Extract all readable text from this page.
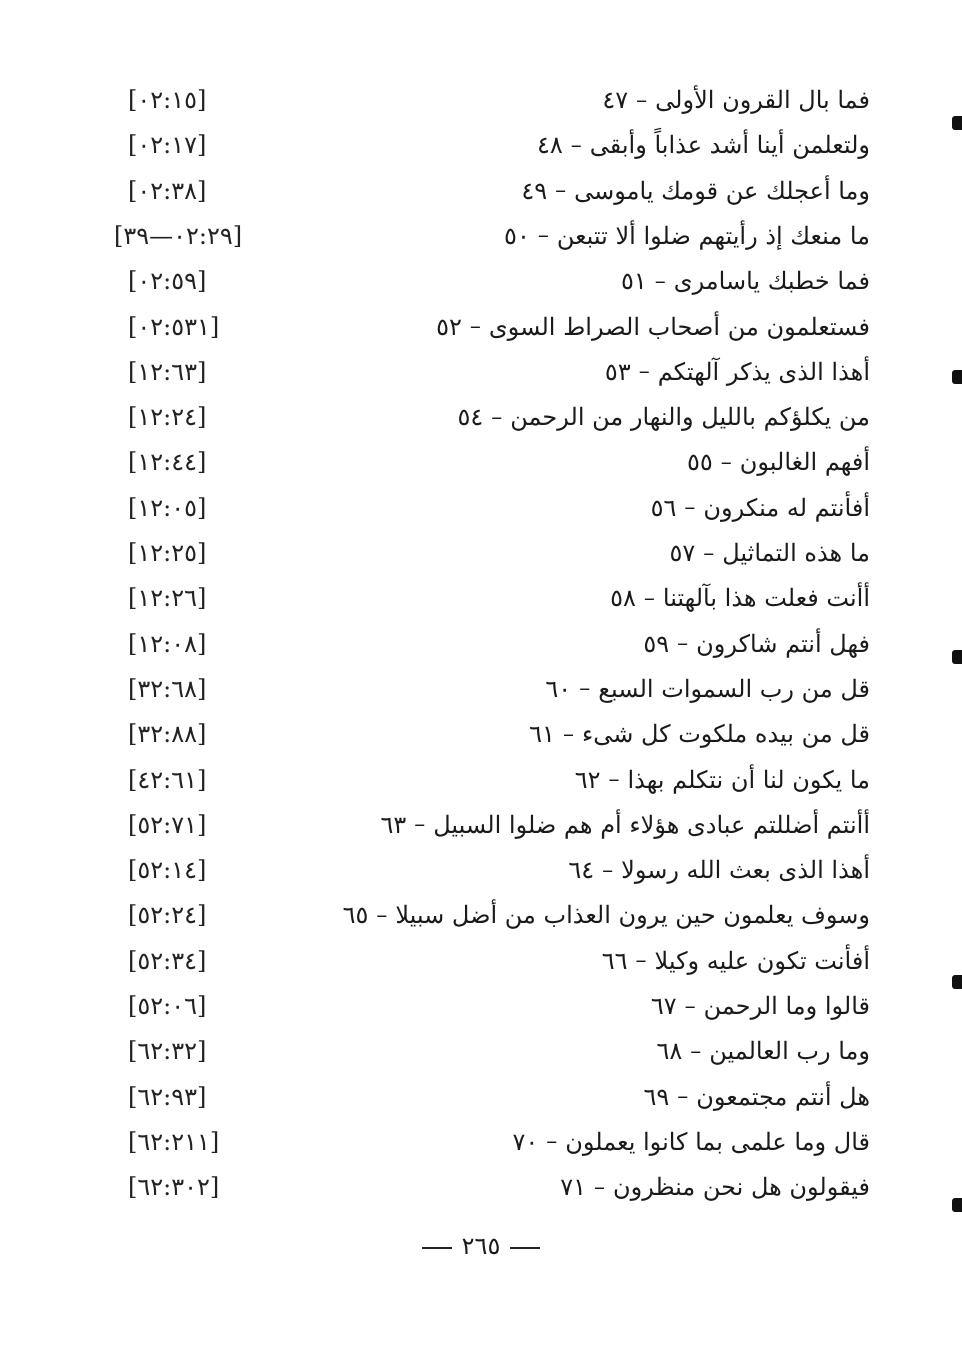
[٥١:٢٠]	٤٧ – فما بال القرون الأولى
[٧١:٢٠]	٤٨ – ولتعلمن أينا أشد عذاباً وأبقى
[٨٣:٢٠]	٤٩ – وما أعجلك عن قومك ياموسى
[٩٢:٢٠—٩٣]	٥٠ – ما منعك إذ رأيتهم ضلوا ألا تتبعن
[٩٥:٢٠]	٥١ – فما خطبك ياسامرى
[١٣٥:٢٠]	٥٢ – فستعلمون من أصحاب الصراط السوى
[٣٦:٢١]	٥٣ – أهذا الذى يذكر آلهتكم
[٤٢:٢١]	٥٤ – من يكلؤكم بالليل والنهار من الرحمن
[٤٤:٢١]	٥٥ – أفهم الغالبون
[٥٠:٢١]	٥٦ – أفأنتم له منكرون
[٥٢:٢١]	٥٧ – ما هذه التماثيل
[٦٢:٢١]	٥٨ – أأنت فعلت هذا بآلهتنا
[٨٠:٢١]	٥٩ – فهل أنتم شاكرون
[٨٦:٢٣]	٦٠ – قل من رب السموات السبع
[٨٨:٢٣]	٦١ – قل من بيده ملكوت كل شىء
[١٦:٢٤]	٦٢ – ما يكون لنا أن نتكلم بهذا
[١٧:٢٥]	٦٣ – أأنتم أضللتم عبادى هؤلاء أم هم ضلوا السبيل
[٤١:٢٥]	٦٤ – أهذا الذى بعث الله رسولا
[٤٢:٢٥]	٦٥ – وسوف يعلمون حين يرون العذاب من أضل سبيلا
[٤٣:٢٥]	٦٦ – أفأنت تكون عليه وكيلا
[٦٠:٢٥]	٦٧ – قالوا وما الرحمن
[٢٣:٢٦]	٦٨ – وما رب العالمين
[٣٩:٢٦]	٦٩ – هل أنتم مجتمعون
[١١٢:٢٦]	٧٠ – قال وما علمى بما كانوا يعملون
[٢٠٣:٢٦]	٧١ – فيقولون هل نحن منظرون
٢٦٥
